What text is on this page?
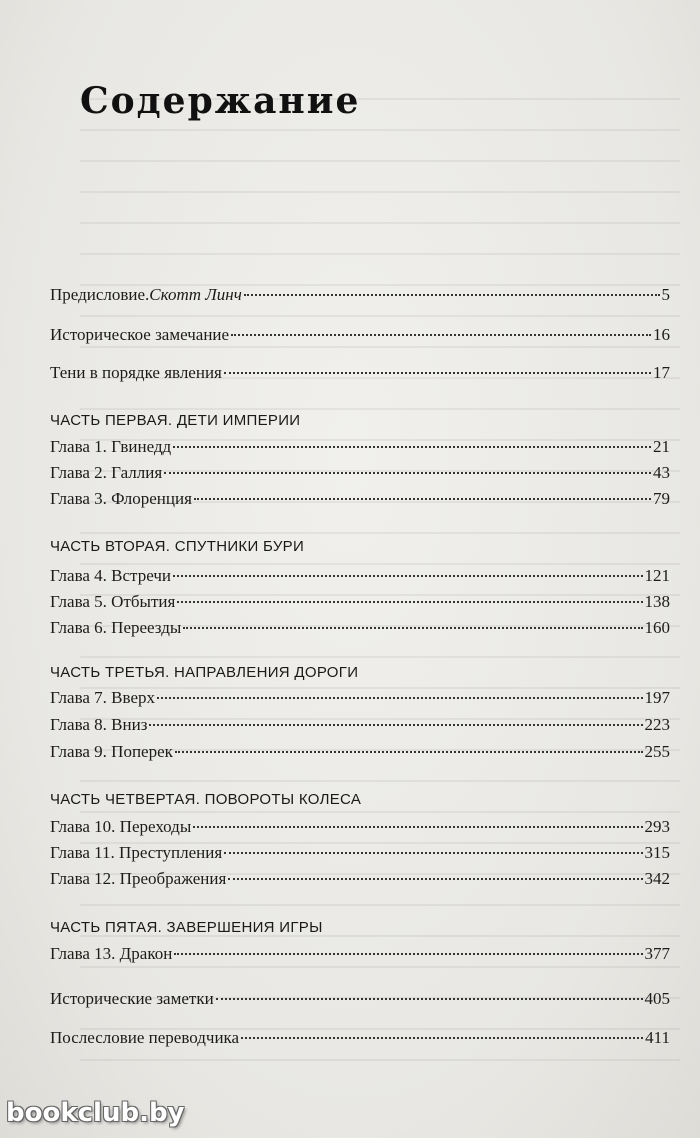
Содержание
Предисловие. Скотт Линч	5
Историческое замечание	16
Тени в порядке явления	17
ЧАСТЬ ПЕРВАЯ. ДЕТИ ИМПЕРИИ
Глава 1. Гвинедд	21
Глава 2. Галлия	43
Глава 3. Флоренция	79
ЧАСТЬ ВТОРАЯ. СПУТНИКИ БУРИ
Глава 4. Встречи	121
Глава 5. Отбытия	138
Глава 6. Переезды	160
ЧАСТЬ ТРЕТЬЯ. НАПРАВЛЕНИЯ ДОРОГИ
Глава 7. Вверх	197
Глава 8. Вниз	223
Глава 9. Поперек	255
ЧАСТЬ ЧЕТВЕРТАЯ. ПОВОРОТЫ КОЛЕСА
Глава 10. Переходы	293
Глава 11. Преступления	315
Глава 12. Преображения	342
ЧАСТЬ ПЯТАЯ. ЗАВЕРШЕНИЯ ИГРЫ
Глава 13. Дракон	377
Исторические заметки	405
Послесловие переводчика	411
bookclub.by
